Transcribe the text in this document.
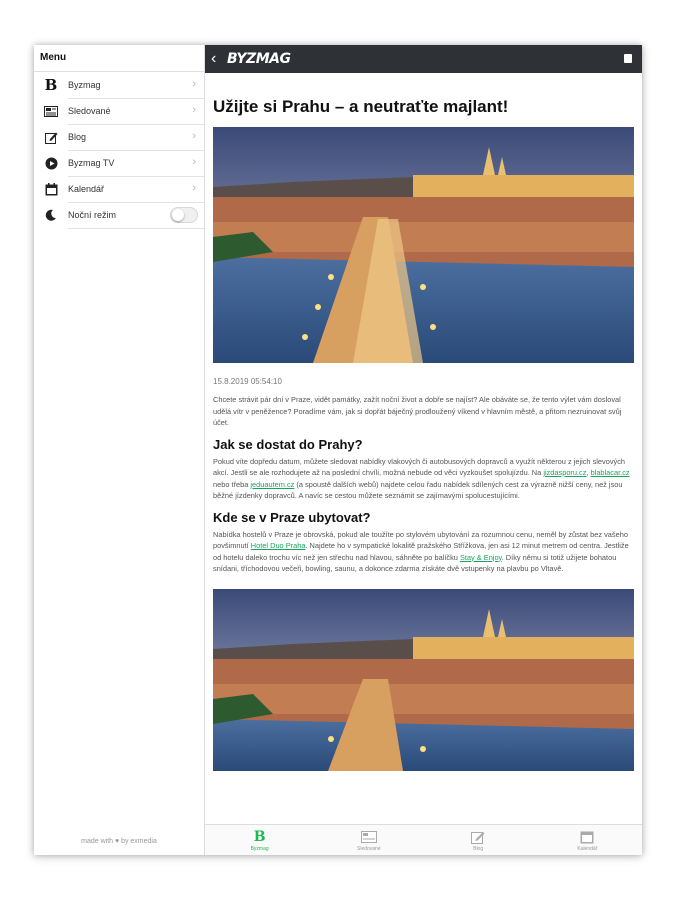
Menu
B Byzmag	›
Sledované	›
Blog	›
Byzmag TV	›
Kalendář	›
Noční režim
made with ♥ by exmedia
‹ BYZMAG
Užijte si Prahu – a neutraťte majlant!
15.8.2019 05:54:10

Chcete strávit pár dní v Praze, vidět památky, zažít noční život a dobře se najíst? Ale obáváte se, že tento výlet vám dosloval udělá vítr v peněžence? Poradíme vám, jak si dopřát báječný prodloužený víkend v hlavním městě, a přitom nezruinovat svůj účet.

Jak se dostat do Prahy?

Pokud víte dopředu datum, můžete sledovat nabídky vlakových či autobusových dopravců a využít některou z jejich slevových akcí. Jestli se ale rozhodujete až na poslední chvíli, možná nebude od věci vyzkoušet spolujízdu. Na jizdasporu.cz, blablacar.cz nebo třeba jeduautem.cz (a spoustě dalších webů) najdete celou řadu nabídek sdílených cest za výrazně nižší ceny, než jsou běžné jízdenky dopravců. A navíc se cestou můžete seznámit se zajímavými spolucestujícími.

Kde se v Praze ubytovat?

Nabídka hostelů v Praze je obrovská, pokud ale toužíte po stylovém ubytování za rozumnou cenu, neměl by zůstat bez vašeho povšimnutí Hotel Duo Praha. Najdete ho v sympatické lokalitě pražského Střížkova, jen asi 12 minut metrem od centra. Jestliže od hotelu daleko trochu víc než jen střechu nad hlavou, sáhněte po balíčku Stay & Enjoy. Díky němu si totiž užijete bohatou snídani, tříchodovou večeři, bowling, saunu, a dokonce zdarma získáte dvě vstupenky na plavbu po Vltavě.

B
Byzmag	Sledované	Blog	Kalendář
